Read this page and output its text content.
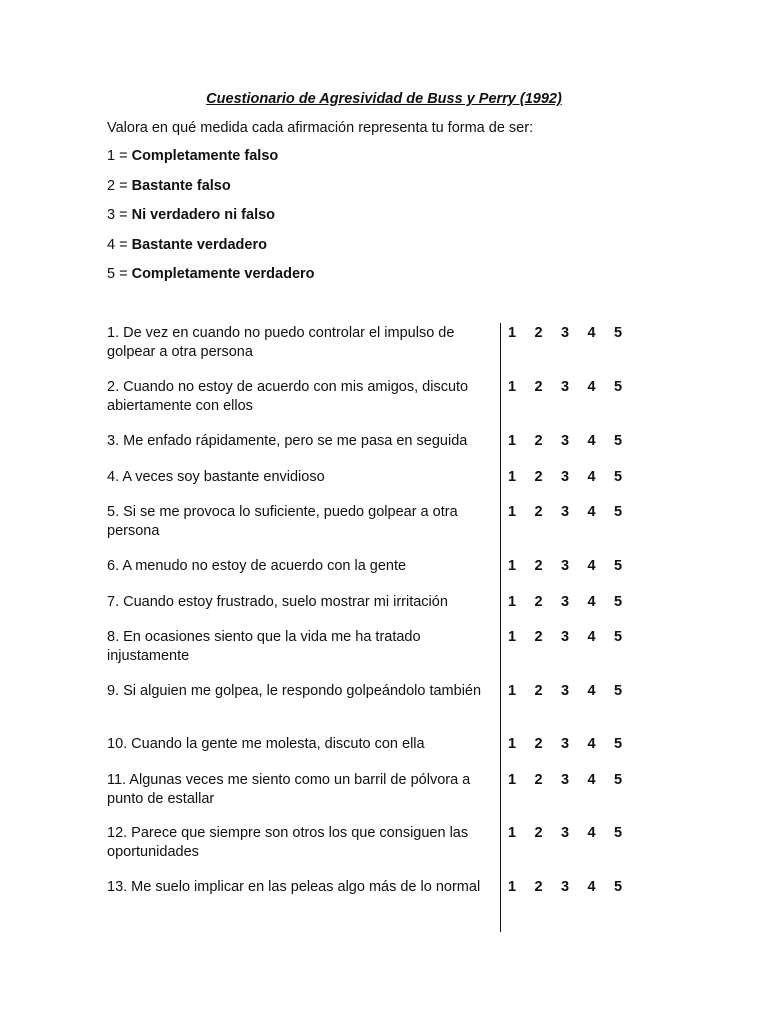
Cuestionario de Agresividad de Buss y Perry (1992)
Valora en qué medida cada afirmación representa tu forma de ser:
1 = Completamente falso
2 = Bastante falso
3 = Ni verdadero ni falso
4 = Bastante verdadero
5 = Completamente verdadero
1. De vez en cuando no puedo controlar el impulso de golpear a otra persona
1 2 3 4 5
2. Cuando no estoy de acuerdo con mis amigos, discuto abiertamente con ellos
1 2 3 4 5
3. Me enfado rápidamente, pero se me pasa en seguida	1 2 3 4 5
4. A veces soy bastante envidioso	1 2 3 4 5
5. Si se me provoca lo suficiente, puedo golpear a otra persona
1 2 3 4 5
6. A menudo no estoy de acuerdo con la gente	1 2 3 4 5
7. Cuando estoy frustrado, suelo mostrar mi irritación	1 2 3 4 5
8. En ocasiones siento que la vida me ha tratado injustamente
1 2 3 4 5
9. Si alguien me golpea, le respondo golpeándolo también	1 2 3 4 5
10. Cuando la gente me molesta, discuto con ella	1 2 3 4 5
11. Algunas veces me siento como un barril de pólvora a punto de estallar
1 2 3 4 5
12. Parece que siempre son otros los que consiguen las oportunidades
1 2 3 4 5
13. Me suelo implicar en las peleas algo más de lo normal	1 2 3 4 5
